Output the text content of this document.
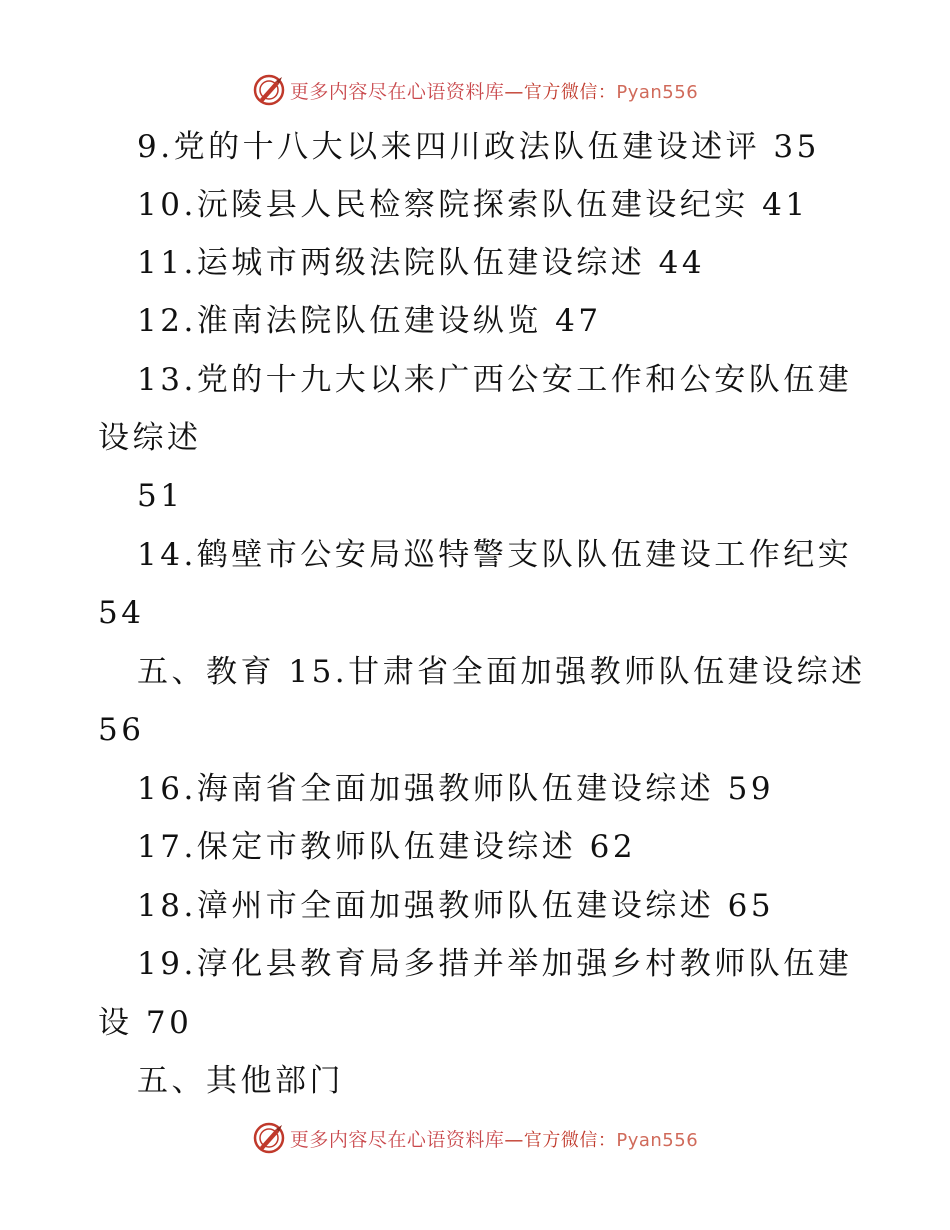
更多内容尽在心语资料库—官方微信：Pyan556
9.党的十八大以来四川政法队伍建设述评 35
10.沅陵县人民检察院探索队伍建设纪实 41
11.运城市两级法院队伍建设综述 44
12.淮南法院队伍建设纵览 47
13.党的十九大以来广西公安工作和公安队伍建
设综述
51
14.鹤壁市公安局巡特警支队队伍建设工作纪实
54
五、教育 15.甘肃省全面加强教师队伍建设综述
56
16.海南省全面加强教师队伍建设综述 59
17.保定市教师队伍建设综述 62
18.漳州市全面加强教师队伍建设综述 65
19.淳化县教育局多措并举加强乡村教师队伍建
设 70
五、其他部门
更多内容尽在心语资料库—官方微信：Pyan556
